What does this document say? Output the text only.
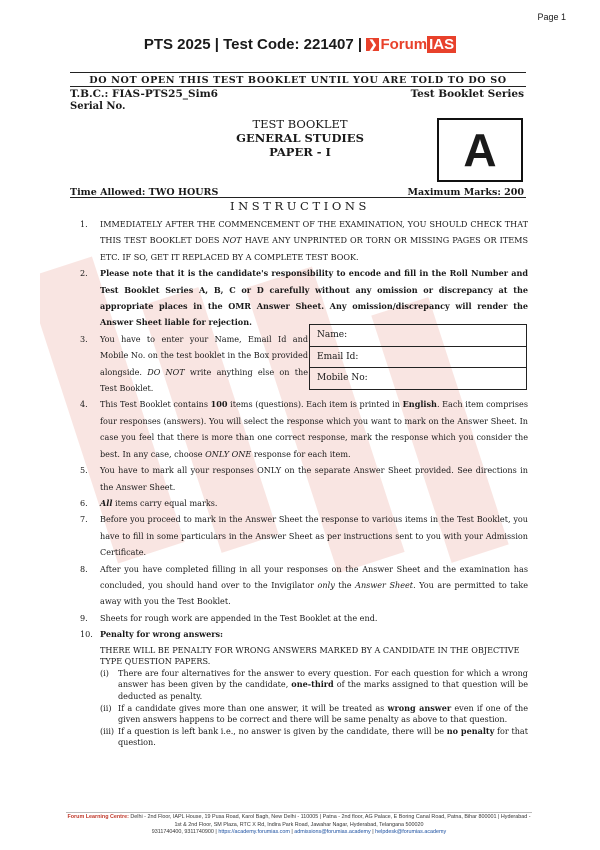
Page 1
PTS 2025 | Test Code: 221407 | ❯ Forum IAS
DO NOT OPEN THIS TEST BOOKLET UNTIL YOU ARE TOLD TO DO SO
T.B.C.: FIAS-PTS25_Sim6	Test Booklet Series
Serial No.
TEST BOOKLET
GENERAL STUDIES
PAPER - I	A
Time Allowed: TWO HOURS	Maximum Marks: 200
INSTRUCTIONS
Name:
Email Id:
Mobile No:
1. IMMEDIATELY AFTER THE COMMENCEMENT OF THE EXAMINATION, YOU SHOULD CHECK THAT THIS TEST BOOKLET DOES NOT HAVE ANY UNPRINTED OR TORN OR MISSING PAGES OR ITEMS ETC. IF SO, GET IT REPLACED BY A COMPLETE TEST BOOK.
2. Please note that it is the candidate's responsibility to encode and fill in the Roll Number and Test Booklet Series A, B, C or D carefully without any omission or discrepancy at the appropriate places in the OMR Answer Sheet. Any omission/discrepancy will render the Answer Sheet liable for rejection.
3. You have to enter your Name, Email Id and Mobile No. on the test booklet in the Box provided alongside. DO NOT write anything else on the Test Booklet.
4. This Test Booklet contains 100 items (questions). Each item is printed in English. Each item comprises four responses (answers). You will select the response which you want to mark on the Answer Sheet. In case you feel that there is more than one correct response, mark the response which you consider the best. In any case, choose ONLY ONE response for each item.
5. You have to mark all your responses ONLY on the separate Answer Sheet provided. See directions in the Answer Sheet.
6. All items carry equal marks.
7. Before you proceed to mark in the Answer Sheet the response to various items in the Test Booklet, you have to fill in some particulars in the Answer Sheet as per instructions sent to you with your Admission Certificate.
8. After you have completed filling in all your responses on the Answer Sheet and the examination has concluded, you should hand over to the Invigilator only the Answer Sheet. You are permitted to take away with you the Test Booklet.
9. Sheets for rough work are appended in the Test Booklet at the end.
10. Penalty for wrong answers:
THERE WILL BE PENALTY FOR WRONG ANSWERS MARKED BY A CANDIDATE IN THE OBJECTIVE TYPE QUESTION PAPERS.
(i) There are four alternatives for the answer to every question. For each question for which a wrong answer has been given by the candidate, one-third of the marks assigned to that question will be deducted as penalty.
(ii) If a candidate gives more than one answer, it will be treated as wrong answer even if one of the given answers happens to be correct and there will be same penalty as above to that question.
(iii) If a question is left bank i.e., no answer is given by the candidate, there will be no penalty for that question.
Forum Learning Centre: Delhi - 2nd Floor, IAPL House, 19 Pusa Road, Karol Bagh, New Delhi - 110005 | Patna - 2nd floor, AG Palace, E Boring Canal Road, Patna, Bihar 800001 | Hyderabad - 1st & 2nd Floor, SM Plaza, RTC X Rd, Indira Park Road, Jawahar Nagar, Hyderabad, Telangana 500020
9311740400, 9311740900 | https://academy.forumias.com | admissions@forumias.academy | helpdesk@forumias.academy
